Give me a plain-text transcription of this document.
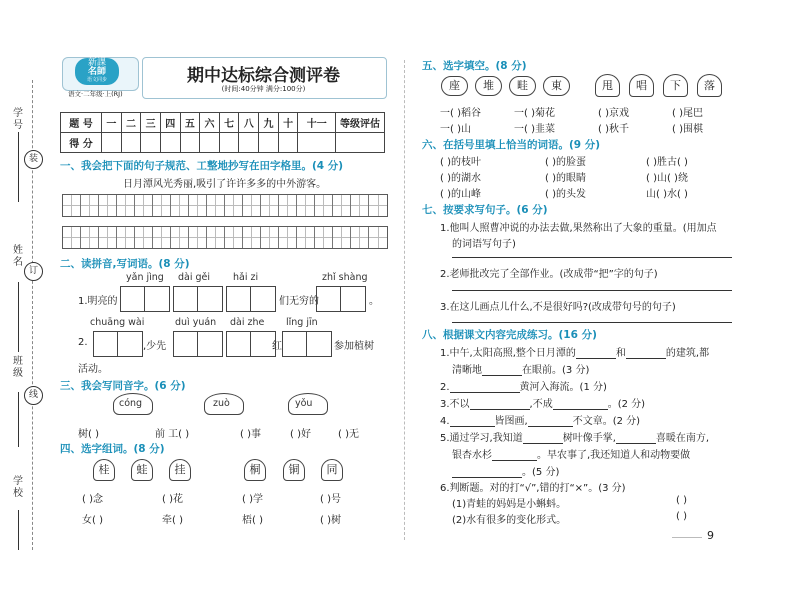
学 号
姓 名
班 级
学 校
装
订
线
新課
名師
语文同步
语文·二年级·上(RJ)
期中达标综合测评卷
(时间:40分钟 满分:100分)
题 号	一	二	三	四	五	六	七	八	九	十	十一	等级评估
得 分												
一、我会把下面的句子规范、工整地抄写在田字格里。(4 分)
日月潭风光秀丽,吸引了许许多多的中外游客。
二、读拼音,写词语。(8 分)
yǎn jìng dài gěi hǎi zi	zhǐ shàng
1.明亮的	们无穷的	。
chuāng wài	duì yuán dài zhe lǐng jīn
2.	,少先	红	参加植树
活动。
三、我会写同音字。(6 分)
cóng	zuò	yǒu
树( )	前 工( )	( )事	( )好	( )无
四、选字组词。(8 分)
桂	蛙	挂	桐	铜	同
( )念	( )花	( )学	( )号
女( )	牵( )	梧( )	( )树
五、选字填空。(8 分)
座	堆	畦	東	甩	唱	下	落
一( )稻谷	一( )菊花	( )京戏	( )尾巴
一( )山	一( )韭菜	( )秋千	( )围棋
六、在括号里填上恰当的词语。(9 分)
( )的枝叶	( )的脸蛋	( )胜古( )
( )的湖水	( )的眼睛	( )山( )绕
( )的山峰	( )的头发	山( )水( )
七、按要求写句子。(6 分)
1.他叫人照曹冲说的办法去做,果然称出了大象的重量。(用加点
的词语写句子)
2.老师批改完了全部作业。(改成带“把”字的句子)
3.在这儿画点儿什么,不是很好吗?(改成带句号的句子)
八、根据课文内容完成练习。(16 分)
1.中午,太阳高照,整个日月潭的	和	的建筑,都
清晰地	在眼前。(3 分)
2.	黄河入海流。(1 分)
3.不以	,不成	。(2 分)
4.	皆图画,	不文章。(2 分)
5.通过学习,我知道	树叶像手掌,	喜暖在南方,
银杏水杉	。早农事了,我还知道人和动物要做
。(5 分)
6.判断题。对的打“√”,错的打“×”。(3 分)
(1)青蛙的妈妈是小蝌蚪。	( )
(2)水有很多的变化形式。	( )
9
